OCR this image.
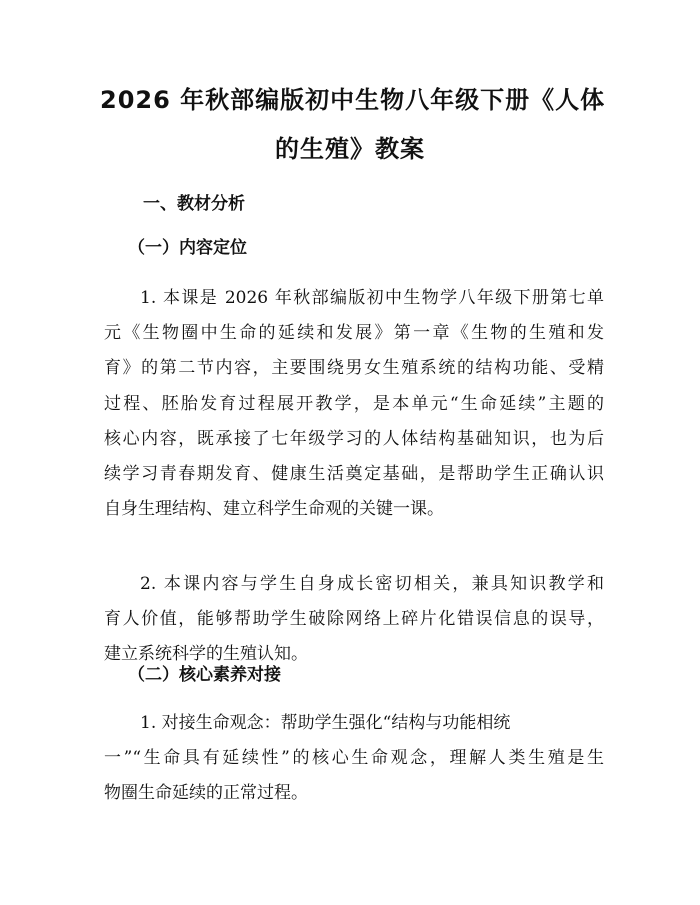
2026 年秋部编版初中生物八年级下册《人体
的生殖》教案
一、教材分析
（一）内容定位

1. 本课是 2026 年秋部编版初中生物学八年级下册第七单
元《生物圈中生命的延续和发展》第一章《生物的生殖和发
育》的第二节内容，主要围绕男女生殖系统的结构功能、受精
过程、胚胎发育过程展开教学，是本单元“生命延续”主题的
核心内容，既承接了七年级学习的人体结构基础知识，也为后
续学习青春期发育、健康生活奠定基础，是帮助学生正确认识
自身生理结构、建立科学生命观的关键一课。

2. 本课内容与学生自身成长密切相关，兼具知识教学和
育人价值，能够帮助学生破除网络上碎片化错误信息的误导，
建立系统科学的生殖认知。

（二）核心素养对接

1. 对接生命观念：帮助学生强化“结构与功能相统
一”“生命具有延续性”的核心生命观念，理解人类生殖是生
物圈生命延续的正常过程。
